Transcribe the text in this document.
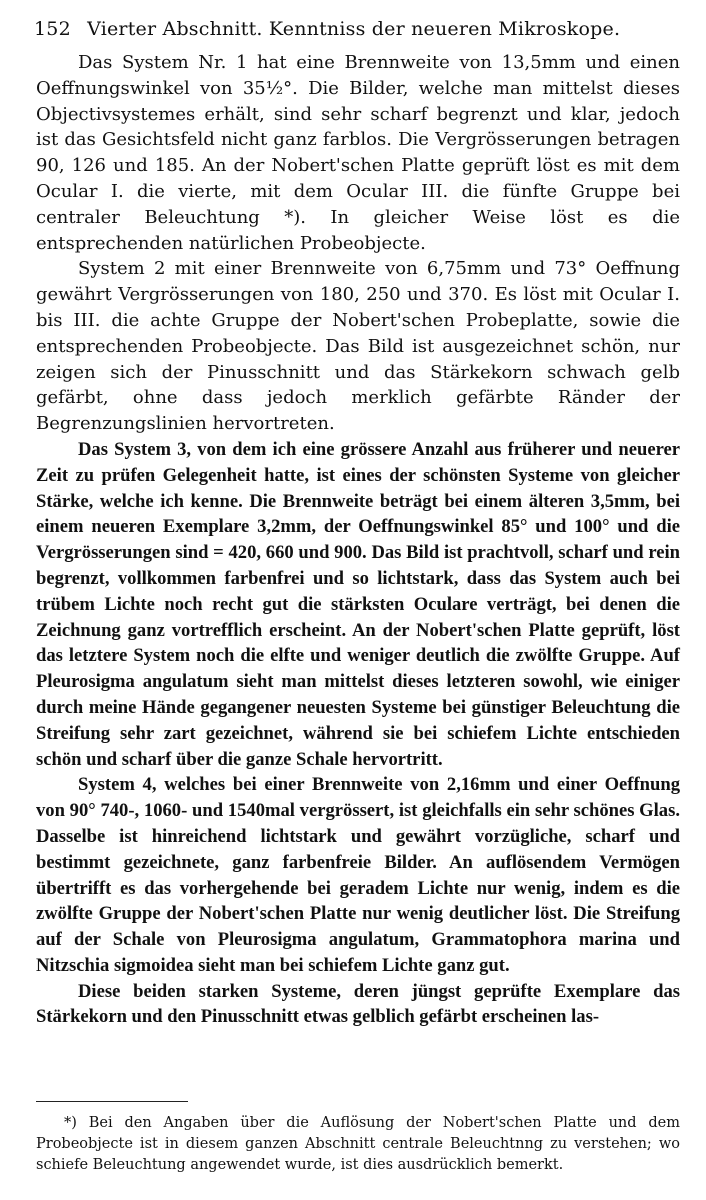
152 Vierter Abschnitt. Kenntniss der neueren Mikroskope.

Das System Nr. 1 hat eine Brennweite von 13,5mm und einen Oeffnungswinkel von 35½°. Die Bilder, welche man mittelst dieses Objectivsystemes erhält, sind sehr scharf begrenzt und klar, jedoch ist das Gesichtsfeld nicht ganz farblos. Die Vergrösserungen betragen 90, 126 und 185. An der Nobert'schen Platte geprüft löst es mit dem Ocular I. die vierte, mit dem Ocular III. die fünfte Gruppe bei centraler Beleuchtung *). In gleicher Weise löst es die entsprechenden natürlichen Probeobjecte.

System 2 mit einer Brennweite von 6,75mm und 73° Oeffnung gewährt Vergrösserungen von 180, 250 und 370. Es löst mit Ocular I. bis III. die achte Gruppe der Nobert'schen Probeplatte, sowie die entsprechenden Probeobjecte. Das Bild ist ausgezeichnet schön, nur zeigen sich der Pinusschnitt und das Stärkekorn schwach gelb gefärbt, ohne dass jedoch merklich gefärbte Ränder der Begrenzungslinien hervortreten.

Das System 3, von dem ich eine grössere Anzahl aus früherer und neuerer Zeit zu prüfen Gelegenheit hatte, ist eines der schönsten Systeme von gleicher Stärke, welche ich kenne. Die Brennweite beträgt bei einem älteren 3,5mm, bei einem neueren Exemplare 3,2mm, der Oeffnungswinkel 85° und 100° und die Vergrösserungen sind = 420, 660 und 900. Das Bild ist prachtvoll, scharf und rein begrenzt, vollkommen farbenfrei und so lichtstark, dass das System auch bei trübem Lichte noch recht gut die stärksten Oculare verträgt, bei denen die Zeichnung ganz vortrefflich erscheint. An der Nobert'schen Platte geprüft, löst das letztere System noch die elfte und weniger deutlich die zwölfte Gruppe. Auf Pleurosigma angulatum sieht man mittelst dieses letzteren sowohl, wie einiger durch meine Hände gegangener neuesten Systeme bei günstiger Beleuchtung die Streifung sehr zart gezeichnet, während sie bei schiefem Lichte entschieden schön und scharf über die ganze Schale hervortritt.

System 4, welches bei einer Brennweite von 2,16mm und einer Oeffnung von 90° 740-, 1060- und 1540mal vergrössert, ist gleichfalls ein sehr schönes Glas. Dasselbe ist hinreichend lichtstark und gewährt vorzügliche, scharf und bestimmt gezeichnete, ganz farbenfreie Bilder. An auflösendem Vermögen übertrifft es das vorhergehende bei geradem Lichte nur wenig, indem es die zwölfte Gruppe der Nobert'schen Platte nur wenig deutlicher löst. Die Streifung auf der Schale von Pleurosigma angulatum, Grammatophora marina und Nitzschia sigmoidea sieht man bei schiefem Lichte ganz gut.

Diese beiden starken Systeme, deren jüngst geprüfte Exemplare das Stärkekorn und den Pinusschnitt etwas gelblich gefärbt erscheinen las-

*) Bei den Angaben über die Auflösung der Nobert'schen Platte und dem Probeobjecte ist in diesem ganzen Abschnitt centrale Beleuchtnng zu verstehen; wo schiefe Beleuchtung angewendet wurde, ist dies ausdrücklich bemerkt.
